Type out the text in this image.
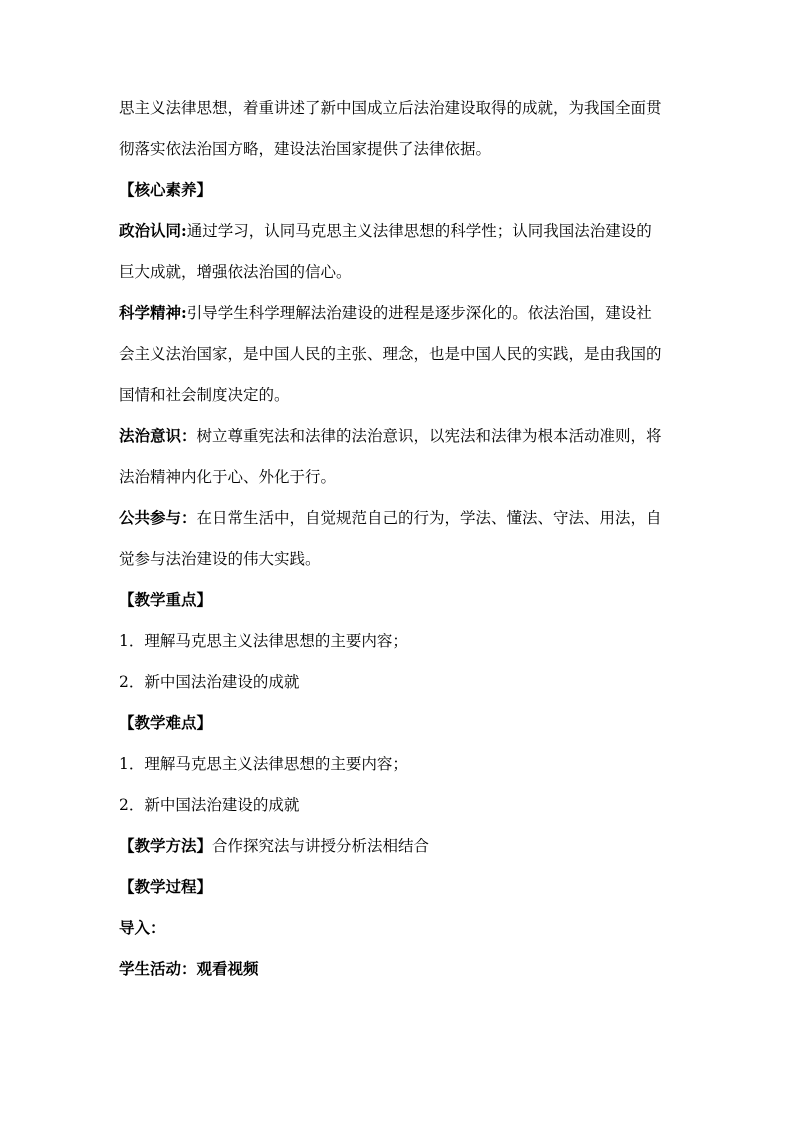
思主义法律思想，着重讲述了新中国成立后法治建设取得的成就，为我国全面贯

彻落实依法治国方略，建设法治国家提供了法律依据。

【核心素养】

政治认同:通过学习，认同马克思主义法律思想的科学性；认同我国法治建设的

巨大成就，增强依法治国的信心。

科学精神:引导学生科学理解法治建设的进程是逐步深化的。依法治国，建设社

会主义法治国家，是中国人民的主张、理念，也是中国人民的实践，是由我国的

国情和社会制度决定的。

法治意识：树立尊重宪法和法律的法治意识，以宪法和法律为根本活动准则，将

法治精神内化于心、外化于行。

公共参与：在日常生活中，自觉规范自己的行为，学法、懂法、守法、用法，自

觉参与法治建设的伟大实践。

【教学重点】

1．理解马克思主义法律思想的主要内容；

2．新中国法治建设的成就

【教学难点】

1．理解马克思主义法律思想的主要内容；

2．新中国法治建设的成就

【教学方法】合作探究法与讲授分析法相结合

【教学过程】

导入：

学生活动：观看视频
